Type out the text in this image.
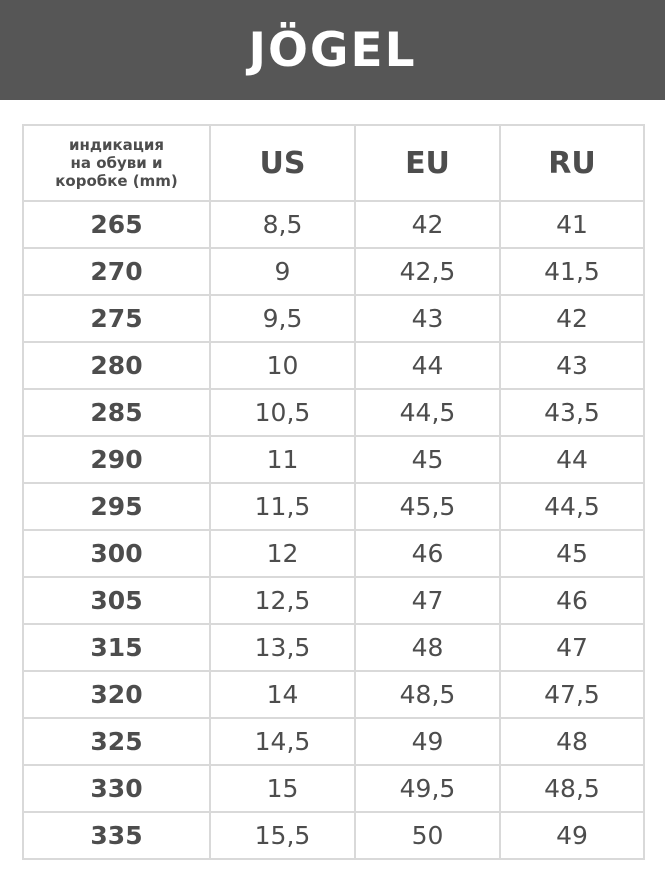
JÖGEL
индикация
на обуви и
коробке (mm)	US	EU	RU
265	8,5	42	41
270	9	42,5	41,5
275	9,5	43	42
280	10	44	43
285	10,5	44,5	43,5
290	11	45	44
295	11,5	45,5	44,5
300	12	46	45
305	12,5	47	46
315	13,5	48	47
320	14	48,5	47,5
325	14,5	49	48
330	15	49,5	48,5
335	15,5	50	49
